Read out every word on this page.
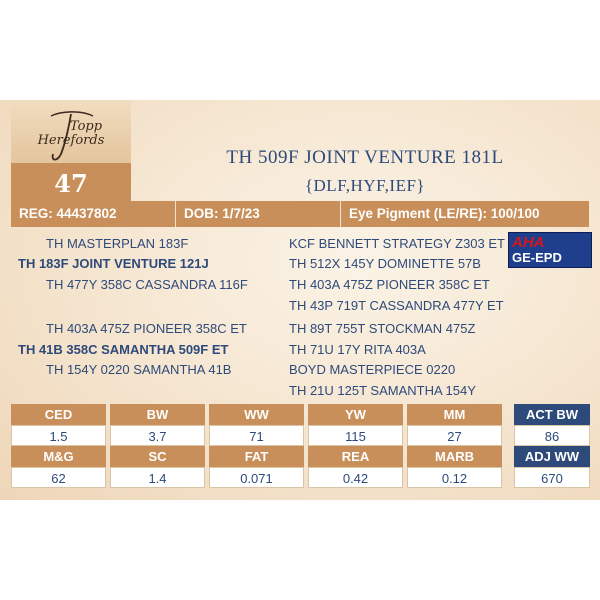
Topp
Herefords
47
TH 509F JOINT VENTURE 181L
{DLF,HYF,IEF}
REG: 44437802	DOB: 1/7/23	Eye Pigment (LE/RE): 100/100
TH MASTERPLAN 183F
TH 183F JOINT VENTURE 121J
TH 477Y 358C CASSANDRA 116F
TH 403A 475Z PIONEER 358C ET
TH 41B 358C SAMANTHA 509F ET
TH 154Y 0220 SAMANTHA 41B
KCF BENNETT STRATEGY Z303 ET
TH 512X 145Y DOMINETTE 57B
TH 403A 475Z PIONEER 358C ET
TH 43P 719T CASSANDRA 477Y ET
TH 89T 755T STOCKMAN 475Z
TH 71U 17Y RITA 403A
BOYD MASTERPIECE 0220
TH 21U 125T SAMANTHA 154Y
AHA
GE-EPD
CED	BW	WW	YW	MM
1.5	3.7	71	115	27
M&G	SC	FAT	REA	MARB
62	1.4	0.071	0.42	0.12
ACT BW
86
ADJ WW
670
